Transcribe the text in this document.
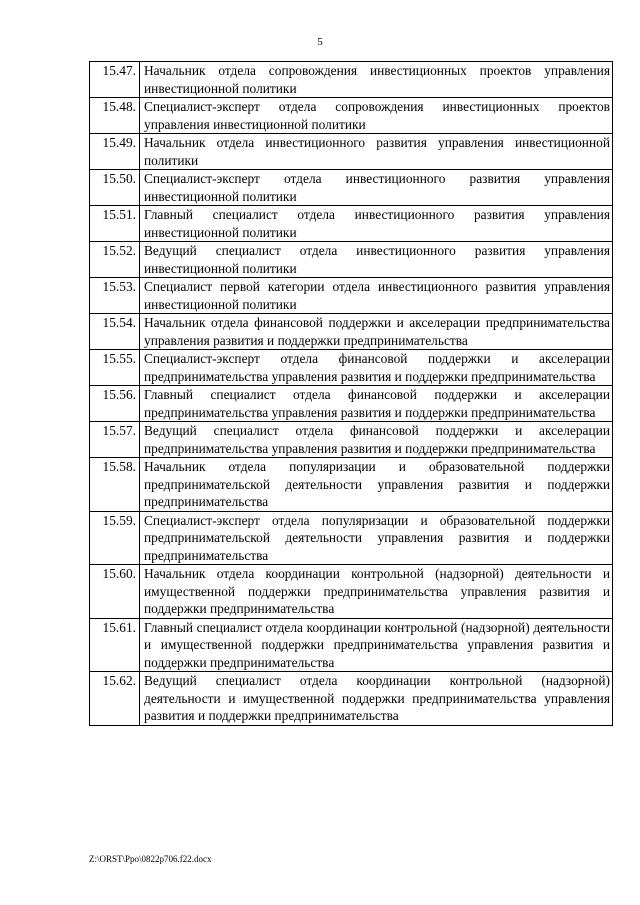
5
15.47.	Начальник отдела сопровождения инвестиционных проектов управления инвестиционной политики
15.48.	Специалист-эксперт отдела сопровождения инвестиционных проектов управления инвестиционной политики
15.49.	Начальник отдела инвестиционного развития управления инвестиционной политики
15.50.	Специалист-эксперт отдела инвестиционного развития управления инвестиционной политики
15.51.	Главный специалист отдела инвестиционного развития управления инвестиционной политики
15.52.	Ведущий специалист отдела инвестиционного развития управления инвестиционной политики
15.53.	Специалист первой категории отдела инвестиционного развития управления инвестиционной политики
15.54.	Начальник отдела финансовой поддержки и акселерации предпринимательства управления развития и поддержки предпринимательства
15.55.	Специалист-эксперт отдела финансовой поддержки и акселерации предпринимательства управления развития и поддержки предпринимательства
15.56.	Главный специалист отдела финансовой поддержки и акселерации предпринимательства управления развития и поддержки предпринимательства
15.57.	Ведущий специалист отдела финансовой поддержки и акселерации предпринимательства управления развития и поддержки предпринимательства
15.58.	Начальник отдела популяризации и образовательной поддержки предпринимательской деятельности управления развития и поддержки предпринимательства
15.59.	Специалист-эксперт отдела популяризации и образовательной поддержки предпринимательской деятельности управления развития и поддержки предпринимательства
15.60.	Начальник отдела координации контрольной (надзорной) деятельности и имущественной поддержки предпринимательства управления развития и поддержки предпринимательства
15.61.	Главный специалист отдела координации контрольной (надзорной) деятельности и имущественной поддержки предпринимательства управления развития и поддержки предпринимательства
15.62.	Ведущий специалист отдела координации контрольной (надзорной) деятельности и имущественной поддержки предпринимательства управления развития и поддержки предпринимательства
Z:\ORST\Ppo\0822p706.f22.docx
